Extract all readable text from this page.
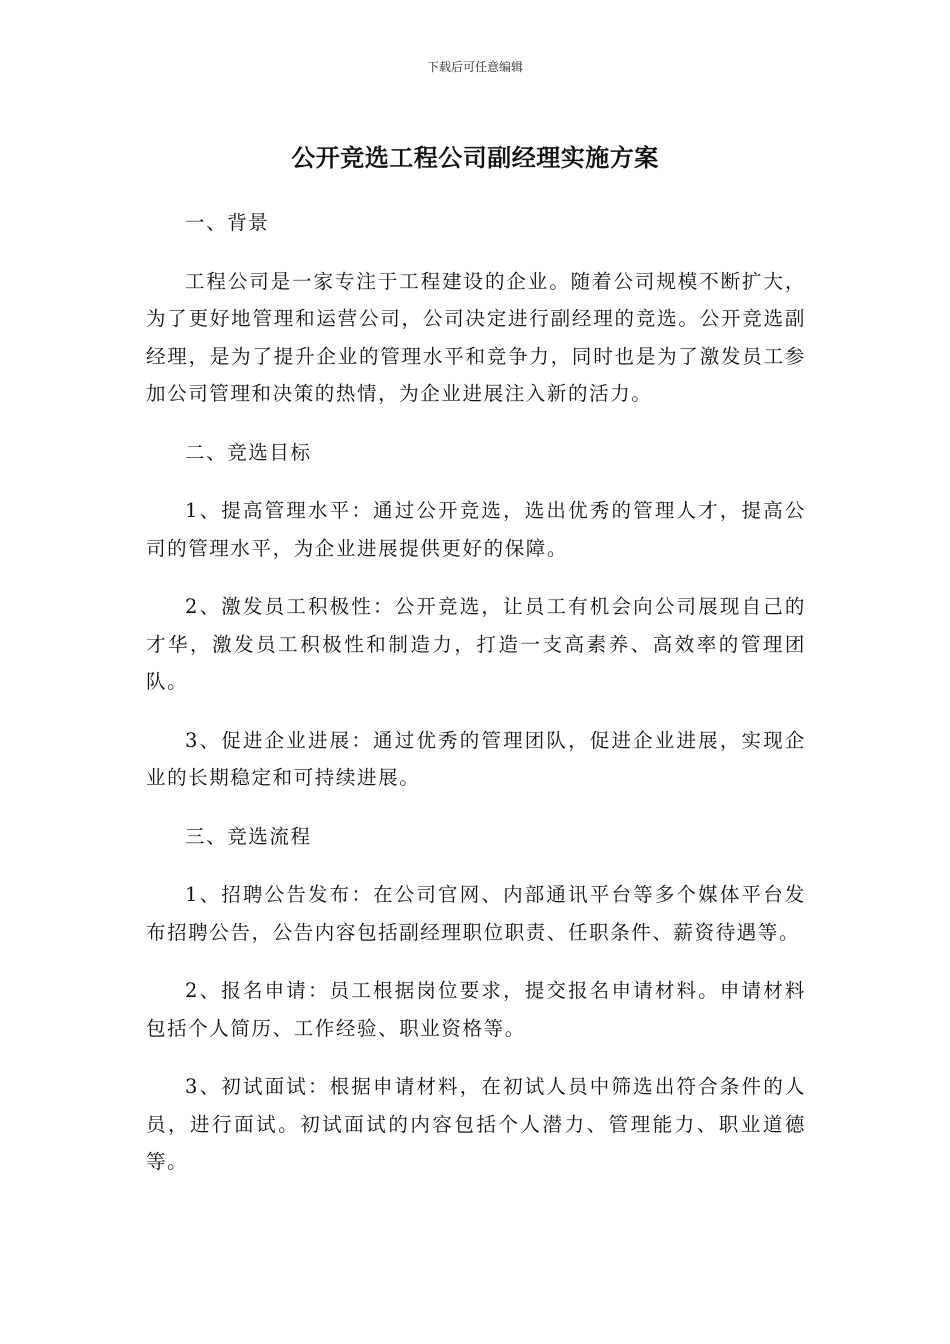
下载后可任意编辑
公开竞选工程公司副经理实施方案

一、背景

工程公司是一家专注于工程建设的企业。随着公司规模不断扩大，为了更好地管理和运营公司，公司决定进行副经理的竞选。公开竞选副经理，是为了提升企业的管理水平和竞争力，同时也是为了激发员工参加公司管理和决策的热情，为企业进展注入新的活力。

二、竞选目标

1、提高管理水平：通过公开竞选，选出优秀的管理人才，提高公司的管理水平，为企业进展提供更好的保障。

2、激发员工积极性：公开竞选，让员工有机会向公司展现自己的才华，激发员工积极性和制造力，打造一支高素养、高效率的管理团队。

3、促进企业进展：通过优秀的管理团队，促进企业进展，实现企业的长期稳定和可持续进展。

三、竞选流程

1、招聘公告发布：在公司官网、内部通讯平台等多个媒体平台发布招聘公告，公告内容包括副经理职位职责、任职条件、薪资待遇等。

2、报名申请：员工根据岗位要求，提交报名申请材料。申请材料包括个人简历、工作经验、职业资格等。

3、初试面试：根据申请材料，在初试人员中筛选出符合条件的人员，进行面试。初试面试的内容包括个人潜力、管理能力、职业道德等。
